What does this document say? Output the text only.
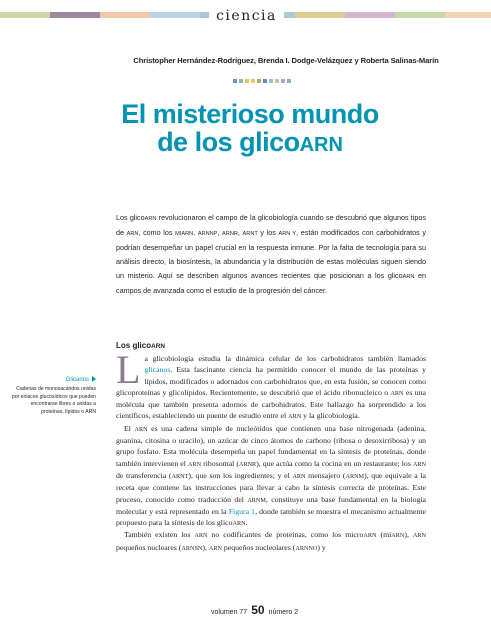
ciencia
Christopher Hernández-Rodríguez, Brenda I. Dodge-Velázquez y Roberta Salinas-Marín
El misterioso mundo
de los glicoARN

Los glicoARN revolucionaron el campo de la glicobiología cuando se descubrió que algunos tipos de ARN, como los MIARN, ARNNP, ARNR, ARNT y los ARN Y, están modificados con carbohidratos y podrían desempeñar un papel crucial en la respuesta inmune. Por la falta de tecnología para su análisis directo, la biosíntesis, la abundancia y la distribución de estas moléculas siguen siendo un misterio. Aquí se describen algunos avances recientes que posicionan a los glicoARN en campos de avanzada como el estudio de la progresión del cáncer.

Los glicoARN
Glicanos
Cadenas de monosacáridos unidas por enlaces glucosídicos que pueden encontrarse libres o unidas a proteínas, lípidos o ARN

La glicobiología estudia la dinámica celular de los carbohidratos también llamados glicanos. Esta fascinante ciencia ha permitido conocer el mundo de las proteínas y lípidos, modificados o adornados con carbohidratos que, en esta fusión, se conocen como glicoproteínas y glicolípidos. Recientemente, se descubrió que el ácido ribonucleico o ARN es una molécula que también presenta adornos de carbohidratos. Este hallazgo ha sorprendido a los científicos, estableciendo un puente de estudio entre el ARN y la glicobiología.

El ARN es una cadena simple de nucleótidos que contienen una base nitrogenada (adenina, guanina, citosina o uracilo), un azúcar de cinco átomos de carbono (ribosa o desoxirribosa) y un grupo fosfato. Esta molécula desempeña un papel fundamental en la síntesis de proteínas, donde también intervienen el ARN ribosomal (ARNR), que actúa como la cocina en un restaurante; los ARN de transferencia (ARNT), que son los ingredientes; y el ARN mensajero (ARNM), que equivale a la receta que contiene las instrucciones para llevar a cabo la síntesis correcta de proteínas. Este proceso, conocido como traducción del ARNM, constituye una base fundamental en la biología molecular y está representado en la Figura 1, donde también se muestra el mecanismo actualmente propuesto para la síntesis de los glicoARN.

También existen los ARN no codificantes de proteínas, como los microARN (miARN), ARN pequeños nucleares (ARNSN), ARN pequeños nucleolares (ARNNO) y

volumen 77 50 número 2
